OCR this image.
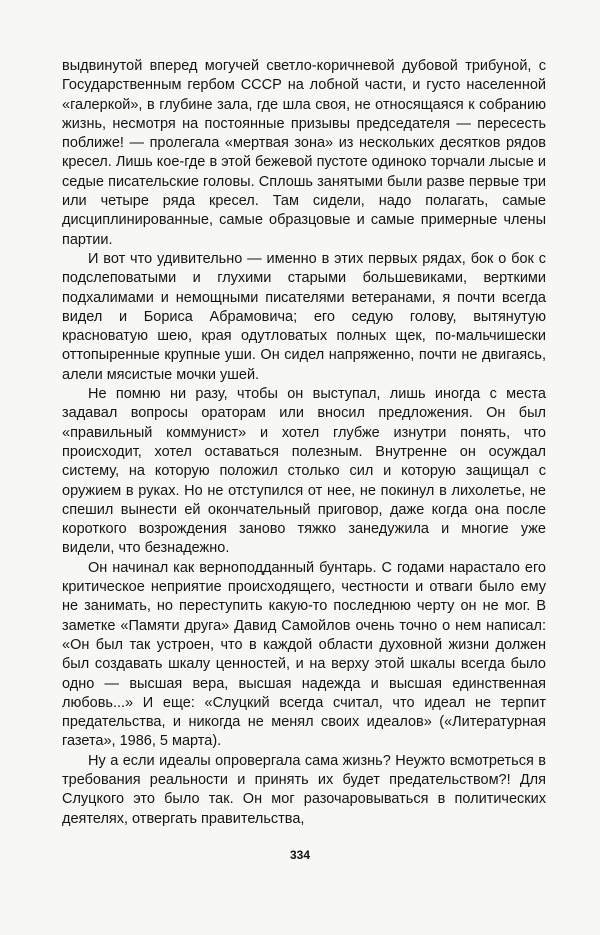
выдвинутой вперед могучей светло-коричневой дубовой трибуной, с Государственным гербом СССР на лобной части, и густо населенной «галеркой», в глубине зала, где шла своя, не относящаяся к собранию жизнь, несмотря на постоянные призывы председателя — пересесть поближе! — пролегала «мертвая зона» из нескольких десятков рядов кресел. Лишь кое-где в этой бежевой пустоте одиноко торчали лысые и седые писательские головы. Сплошь занятыми были разве первые три или четыре ряда кресел. Там сидели, надо полагать, самые дисциплинированные, самые образцовые и самые примерные члены партии.

И вот что удивительно — именно в этих первых рядах, бок о бок с подслеповатыми и глухими старыми большевиками, верткими подхалимами и немощными писателями ветеранами, я почти всегда видел и Бориса Абрамовича; его седую голову, вытянутую красноватую шею, края одутловатых полных щек, по-мальчишески оттопыренные крупные уши. Он сидел напряженно, почти не двигаясь, алели мясистые мочки ушей.

Не помню ни разу, чтобы он выступал, лишь иногда с места задавал вопросы ораторам или вносил предложения. Он был «правильный коммунист» и хотел глубже изнутри понять, что происходит, хотел оставаться полезным. Внутренне он осуждал систему, на которую положил столько сил и которую защищал с оружием в руках. Но не отступился от нее, не покинул в лихолетье, не спешил вынести ей окончательный приговор, даже когда она после короткого возрождения заново тяжко занедужила и многие уже видели, что безнадежно.

Он начинал как верноподданный бунтарь. С годами нарастало его критическое неприятие происходящего, честности и отваги было ему не занимать, но переступить какую-то последнюю черту он не мог. В заметке «Памяти друга» Давид Самойлов очень точно о нем написал: «Он был так устроен, что в каждой области духовной жизни должен был создавать шкалу ценностей, и на верху этой шкалы всегда было одно — высшая вера, высшая надежда и высшая единственная любовь...» И еще: «Слуцкий всегда считал, что идеал не терпит предательства, и никогда не менял своих идеалов» («Литературная газета», 1986, 5 марта).

Ну а если идеалы опровергала сама жизнь? Неужто всмотреться в требования реальности и принять их будет предательством?! Для Слуцкого это было так. Он мог разочаровываться в политических деятелях, отвергать правительства,

334
